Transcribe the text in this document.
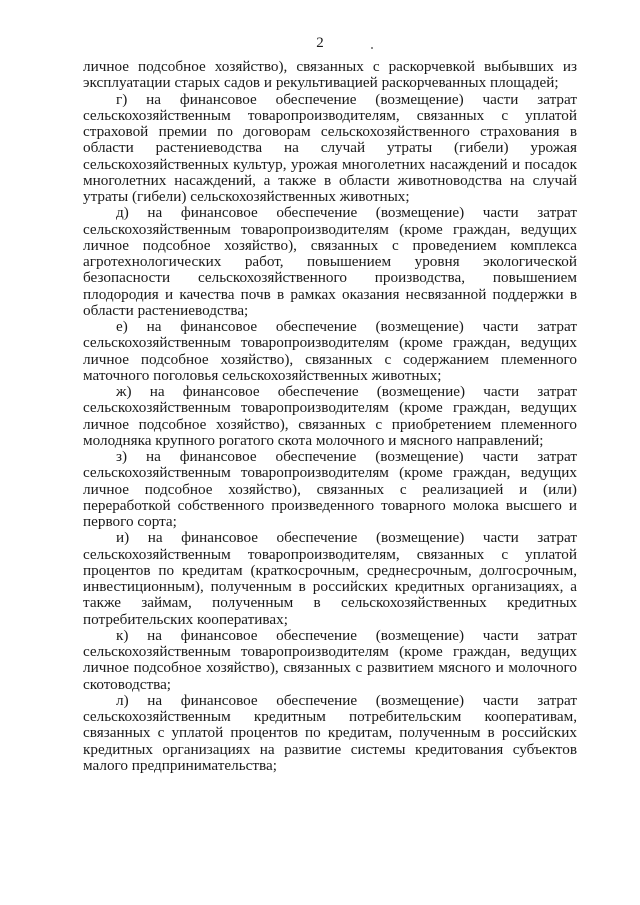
2

личное подсобное хозяйство), связанных с раскорчевкой выбывших из эксплуатации старых садов и рекультивацией раскорчеванных площадей;

г) на финансовое обеспечение (возмещение) части затрат сельскохозяйственным товаропроизводителям, связанных с уплатой страховой премии по договорам сельскохозяйственного страхования в области растениеводства на случай утраты (гибели) урожая сельскохозяйственных культур, урожая многолетних насаждений и посадок многолетних насаждений, а также в области животноводства на случай утраты (гибели) сельскохозяйственных животных;

д) на финансовое обеспечение (возмещение) части затрат сельскохозяйственным товаропроизводителям (кроме граждан, ведущих личное подсобное хозяйство), связанных с проведением комплекса агротехнологических работ, повышением уровня экологической безопасности сельскохозяйственного производства, повышением плодородия и качества почв в рамках оказания несвязанной поддержки в области растениеводства;

е) на финансовое обеспечение (возмещение) части затрат сельскохозяйственным товаропроизводителям (кроме граждан, ведущих личное подсобное хозяйство), связанных с содержанием племенного маточного поголовья сельскохозяйственных животных;

ж) на финансовое обеспечение (возмещение) части затрат сельскохозяйственным товаропроизводителям (кроме граждан, ведущих личное подсобное хозяйство), связанных с приобретением племенного молодняка крупного рогатого скота молочного и мясного направлений;

з) на финансовое обеспечение (возмещение) части затрат сельскохозяйственным товаропроизводителям (кроме граждан, ведущих личное подсобное хозяйство), связанных с реализацией и (или) переработкой собственного произведенного товарного молока высшего и первого сорта;

и) на финансовое обеспечение (возмещение) части затрат сельскохозяйственным товаропроизводителям, связанных с уплатой процентов по кредитам (краткосрочным, среднесрочным, долгосрочным, инвестиционным), полученным в российских кредитных организациях, а также займам, полученным в сельскохозяйственных кредитных потребительских кооперативах;

к) на финансовое обеспечение (возмещение) части затрат сельскохозяйственным товаропроизводителям (кроме граждан, ведущих личное подсобное хозяйство), связанных с развитием мясного и молочного скотоводства;

л) на финансовое обеспечение (возмещение) части затрат сельскохозяйственным кредитным потребительским кооперативам, связанных с уплатой процентов по кредитам, полученным в российских кредитных организациях на развитие системы кредитования субъектов малого предпринимательства;
